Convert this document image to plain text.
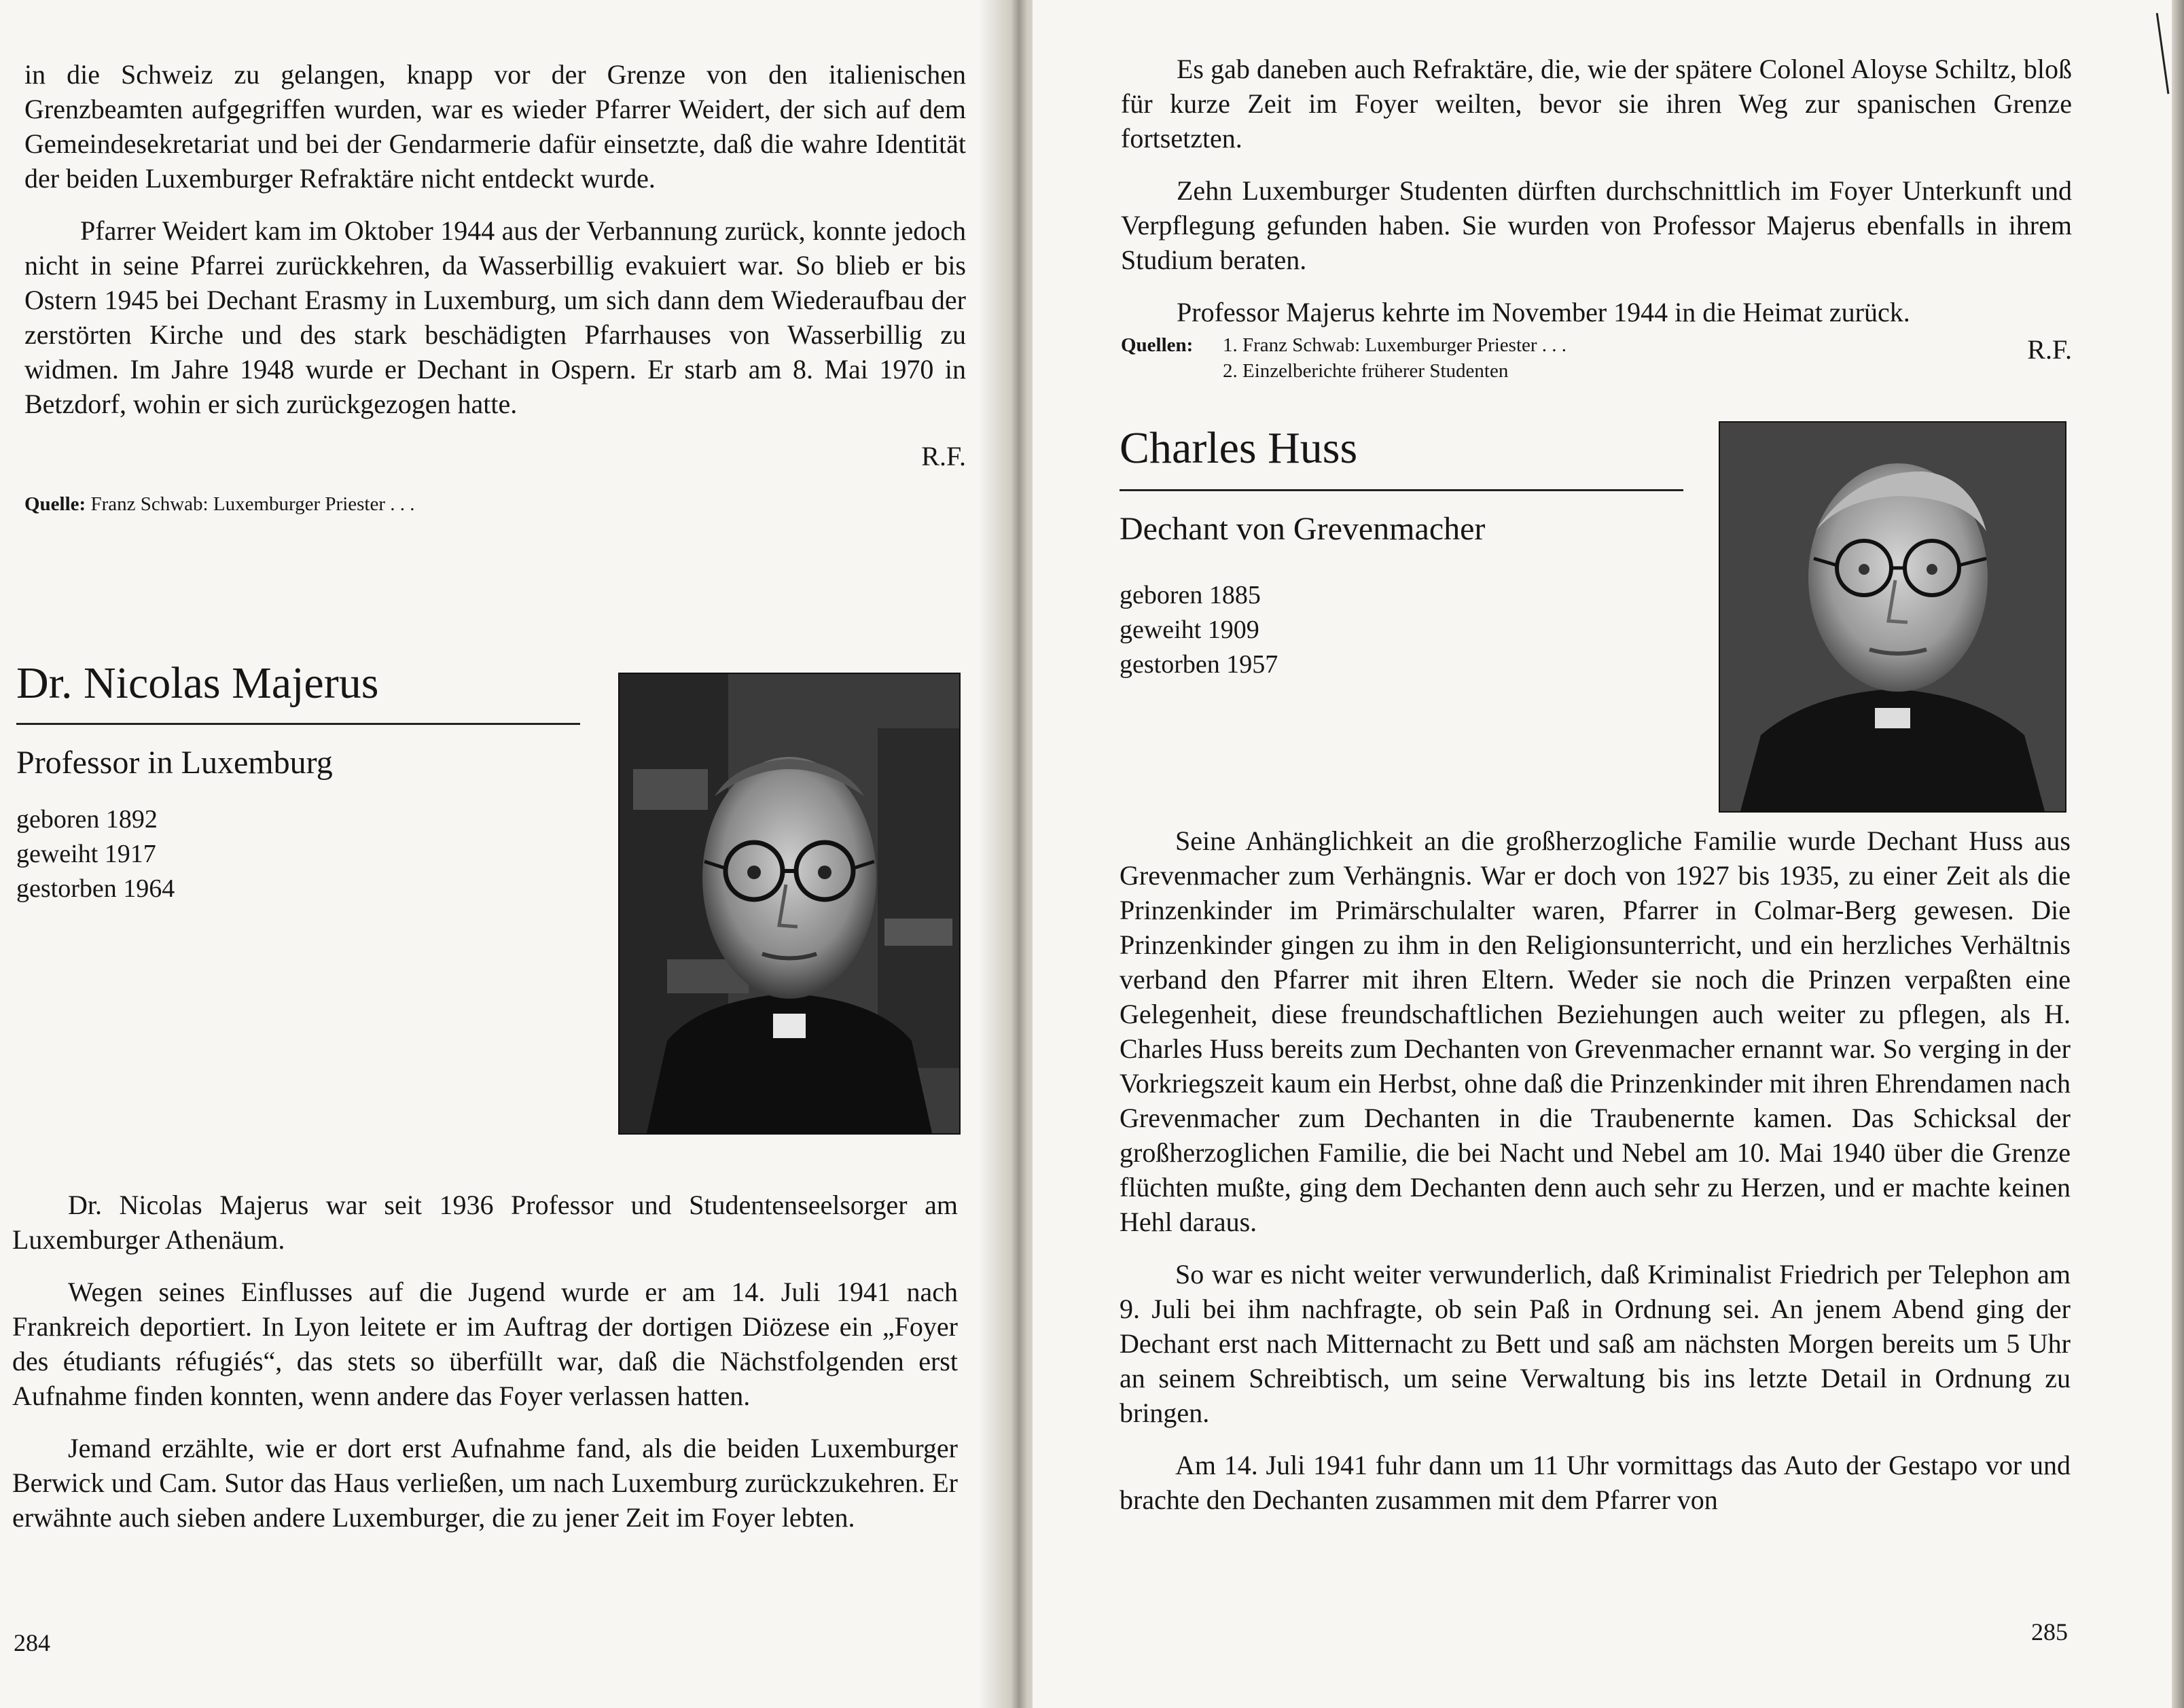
in die Schweiz zu gelangen, knapp vor der Grenze von den italienischen Grenzbeamten aufgegriffen wurden, war es wieder Pfarrer Weidert, der sich auf dem Gemeindesekretariat und bei der Gendarmerie dafür einsetzte, daß die wahre Identität der beiden Luxemburger Refraktäre nicht entdeckt wurde.

Pfarrer Weidert kam im Oktober 1944 aus der Verbannung zurück, konnte jedoch nicht in seine Pfarrei zurückkehren, da Wasserbillig evakuiert war. So blieb er bis Ostern 1945 bei Dechant Erasmy in Luxemburg, um sich dann dem Wiederaufbau der zerstörten Kirche und des stark beschädigten Pfarrhauses von Wasserbillig zu widmen. Im Jahre 1948 wurde er Dechant in Ospern. Er starb am 8. Mai 1970 in Betzdorf, wohin er sich zurückgezogen hatte.

R.F.

Quelle: Franz Schwab: Luxemburger Priester . . .

Dr. Nicolas Majerus
Professor in Luxemburg
geboren 1892
geweiht 1917
gestorben 1964

Dr. Nicolas Majerus war seit 1936 Professor und Studentenseelsorger am Luxemburger Athenäum.

Wegen seines Einflusses auf die Jugend wurde er am 14. Juli 1941 nach Frankreich deportiert. In Lyon leitete er im Auftrag der dortigen Diözese ein „Foyer des étudiants réfugiés“, das stets so überfüllt war, daß die Nächstfolgenden erst Aufnahme finden konnten, wenn andere das Foyer verlassen hatten.

Jemand erzählte, wie er dort erst Aufnahme fand, als die beiden Luxemburger Berwick und Cam. Sutor das Haus verließen, um nach Luxemburg zurückzukehren. Er erwähnte auch sieben andere Luxemburger, die zu jener Zeit im Foyer lebten.

284

Es gab daneben auch Refraktäre, die, wie der spätere Colonel Aloyse Schiltz, bloß für kurze Zeit im Foyer weilten, bevor sie ihren Weg zur spanischen Grenze fortsetzten.

Zehn Luxemburger Studenten dürften durchschnittlich im Foyer Unterkunft und Verpflegung gefunden haben. Sie wurden von Professor Majerus ebenfalls in ihrem Studium beraten.

Professor Majerus kehrte im November 1944 in die Heimat zurück.

Quellen:	1. Franz Schwab: Luxemburger Priester . . .
2. Einzelberichte früherer Studenten
R.F.
Charles Huss
Dechant von Grevenmacher
geboren 1885
geweiht 1909
gestorben 1957

Seine Anhänglichkeit an die großherzogliche Familie wurde Dechant Huss aus Grevenmacher zum Verhängnis. War er doch von 1927 bis 1935, zu einer Zeit als die Prinzenkinder im Primärschulalter waren, Pfarrer in Colmar-Berg gewesen. Die Prinzenkinder gingen zu ihm in den Religionsunterricht, und ein herzliches Verhältnis verband den Pfarrer mit ihren Eltern. Weder sie noch die Prinzen verpaßten eine Gelegenheit, diese freundschaftlichen Beziehungen auch weiter zu pflegen, als H. Charles Huss bereits zum Dechanten von Grevenmacher ernannt war. So verging in der Vorkriegszeit kaum ein Herbst, ohne daß die Prinzenkinder mit ihren Ehrendamen nach Grevenmacher zum Dechanten in die Traubenernte kamen. Das Schicksal der großherzoglichen Familie, die bei Nacht und Nebel am 10. Mai 1940 über die Grenze flüchten mußte, ging dem Dechanten denn auch sehr zu Herzen, und er machte keinen Hehl daraus.

So war es nicht weiter verwunderlich, daß Kriminalist Friedrich per Telephon am 9. Juli bei ihm nachfragte, ob sein Paß in Ordnung sei. An jenem Abend ging der Dechant erst nach Mitternacht zu Bett und saß am nächsten Morgen bereits um 5 Uhr an seinem Schreibtisch, um seine Verwaltung bis ins letzte Detail in Ordnung zu bringen.

Am 14. Juli 1941 fuhr dann um 11 Uhr vormittags das Auto der Gestapo vor und brachte den Dechanten zusammen mit dem Pfarrer von

285
